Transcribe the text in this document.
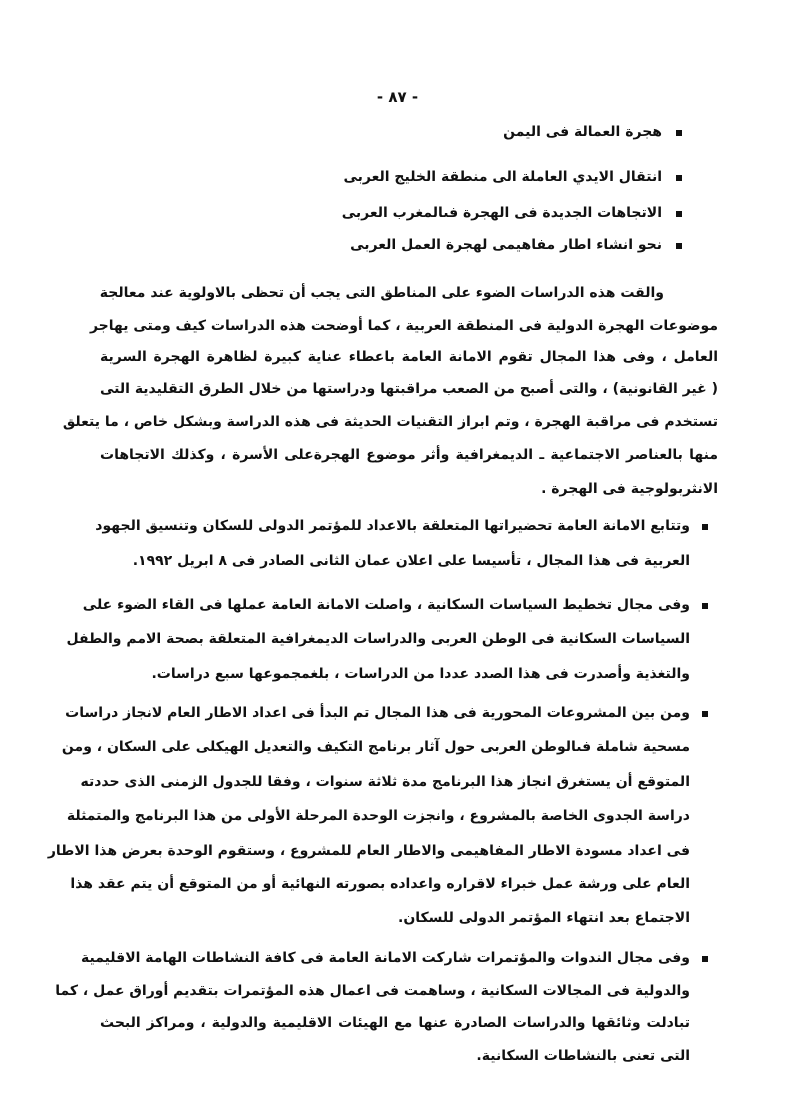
- ٨٧ -
هجرة العمالة فى اليمن
انتقال الايدي العاملة الى منطقة الخليج العربى
الاتجاهات الجديدة فى الهجرة فىالمغرب العربى
نحو انشاء اطار مفاهيمى لهجرة العمل العربى
والقت هذه الدراسات الضوء على المناطق التى يجب أن تحظى بالاولوية عند معالجة
موضوعات الهجرة الدولية فى المنطقة العربية ، كما أوضحت هذه الدراسات كيف ومتى يهاجر
العامل ، وفى هذا المجال تقوم الامانة العامة باعطاء عناية كبيرة لظاهرة الهجرة السرية
( غير القانونية) ، والتى أصبح من الصعب مراقبتها ودراستها من خلال الطرق التقليدية التى
تستخدم فى مراقبة الهجرة ، وتم ابراز التقنيات الحديثة فى هذه الدراسة وبشكل خاص ، ما يتعلق
منها بالعناصر الاجتماعية ـ الديمغرافية وأثر موضوع الهجرةعلى الأسرة ، وكذلك الاتجاهات
الانثربولوجية فى الهجرة .
وتتابع الامانة العامة تحضيراتها المتعلقة بالاعداد للمؤتمر الدولى للسكان وتنسيق الجهود
العربية فى هذا المجال ، تأسيسا على اعلان عمان الثانى الصادر فى ٨ ابريل ١٩٩٢.
وفى مجال تخطيط السياسات السكانية ، واصلت الامانة العامة عملها فى القاء الضوء على
السياسات السكانية فى الوطن العربى والدراسات الديمغرافية المتعلقة بصحة الامم والطفل
والتغذية وأصدرت فى هذا الصدد عددا من الدراسات ، بلغمجموعها سبع دراسات.
ومن بين المشروعات المحورية فى هذا المجال تم البدأ فى اعداد الاطار العام لانجاز دراسات
مسحية شاملة فىالوطن العربى حول آثار برنامج التكيف والتعديل الهيكلى على السكان ، ومن
المتوقع أن يستغرق انجاز هذا البرنامج مدة ثلاثة سنوات ، وفقا للجدول الزمنى الذى حددته
دراسة الجدوى الخاصة بالمشروع ، وانجزت الوحدة المرحلة الأولى من هذا البرنامج والمتمثلة
فى اعداد مسودة الاطار المفاهيمى والاطار العام للمشروع ، وستقوم الوحدة بعرض هذا الاطار
العام على ورشة عمل خبراء لاقراره واعداده بصورته النهائية أو من المتوقع أن يتم عقد هذا
الاجتماع بعد انتهاء المؤتمر الدولى للسكان.
وفى مجال الندوات والمؤتمرات شاركت الامانة العامة فى كافة النشاطات الهامة الاقليمية
والدولية فى المجالات السكانية ، وساهمت فى اعمال هذه المؤتمرات بتقديم أوراق عمل ، كما
تبادلت وثائقها والدراسات الصادرة عنها مع الهيئات الاقليمية والدولية ، ومراكز البحث
التى تعنى بالنشاطات السكانية.
